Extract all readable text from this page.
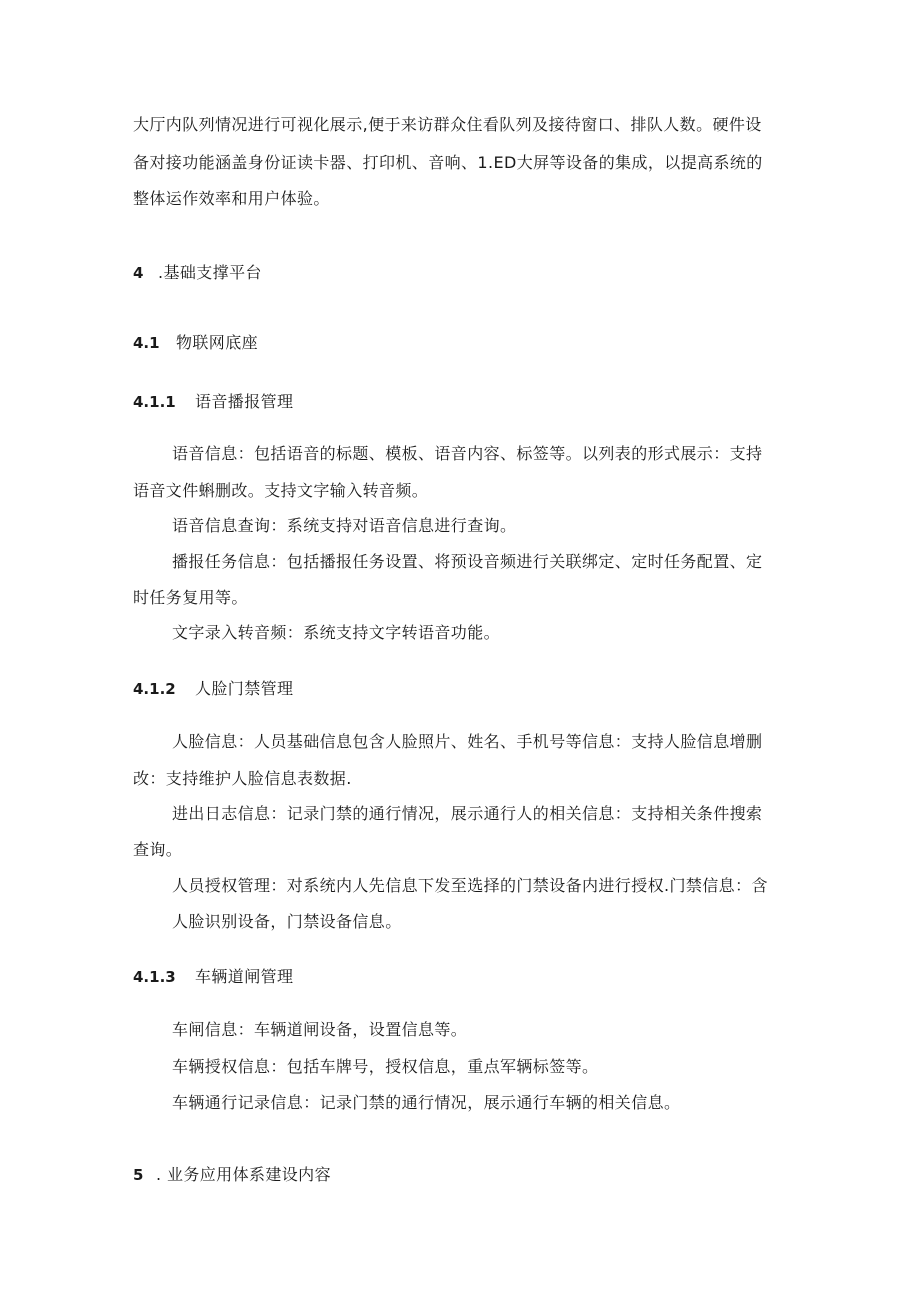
大厅内队列情况进行可视化展示,便于来访群众住看队列及接待窗口、排队人数。硬件设
备对接功能涵盖身份证读卡器、打印机、音响、1.ED大屏等设备的集成，以提高系统的
整体运作效率和用户体验。
4 .基础支撑平台
4.1 物联网底座
4.1.1 语音播报管理
语音信息：包括语音的标题、模板、语音内容、标签等。以列表的形式展示：支持
语音文件蝌删改。支持文字输入转音频。
语音信息查询：系统支持对语音信息进行查询。
播报任务信息：包括播报任务设置、将预设音频进行关联绑定、定时任务配置、定
时任务复用等。
文字录入转音频：系统支持文字转语音功能。
4.1.2 人脸门禁管理
人脸信息：人员基础信息包含人脸照片、姓名、手机号等信息：支持人脸信息增删
改：支持维护人脸信息表数据.
进出日志信息：记录门禁的通行情况，展示通行人的相关信息：支持相关条件搜索
查询。
人员授权管理：对系统内人先信息下发至选择的门禁设备内进行授权.门禁信息：含
人脸识别设备，门禁设备信息。
4.1.3 车辆道闸管理
车闸信息：车辆道闸设备，设置信息等。
车辆授权信息：包括车牌号，授权信息，重点军辆标签等。
车辆通行记录信息：记录门禁的通行情况，展示通行车辆的相关信息。
5 . 业务应用体系建设内容
